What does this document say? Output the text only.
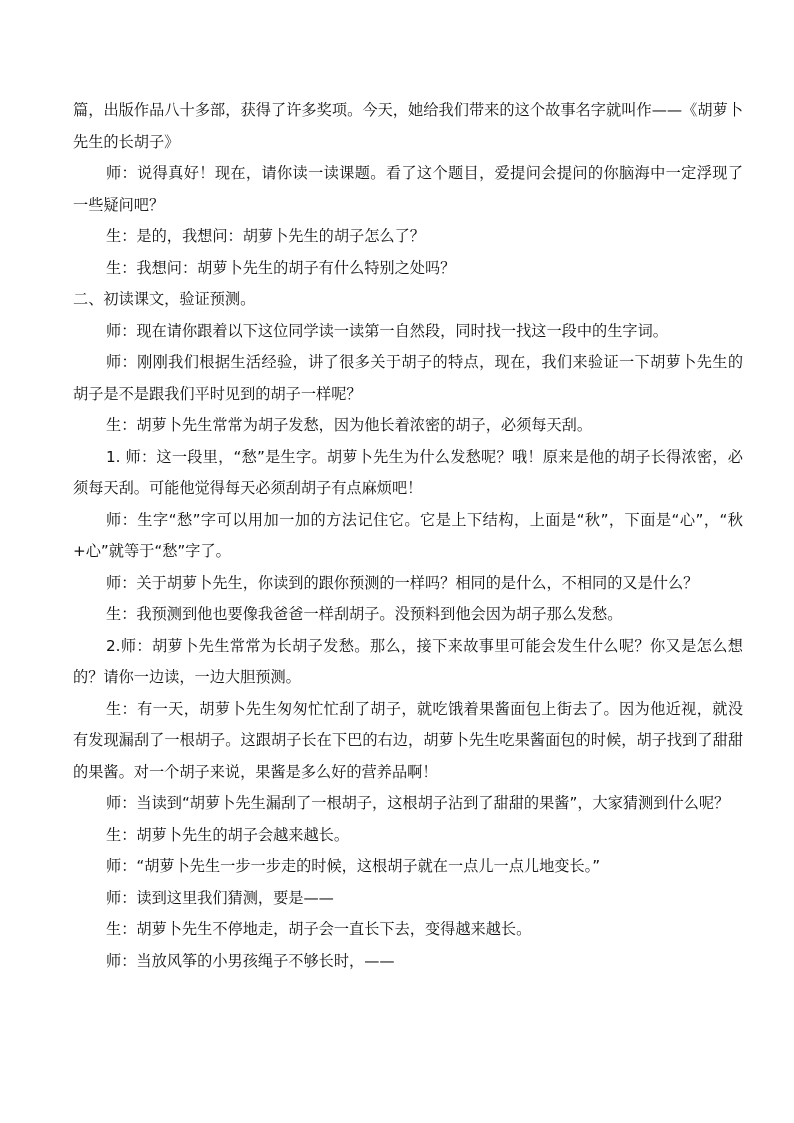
篇，出版作品八十多部，获得了许多奖项。今天，她给我们带来的这个故事名字就叫作——《胡萝卜先生的长胡子》

师：说得真好！现在，请你读一读课题。看了这个题目，爱提问会提问的你脑海中一定浮现了一些疑问吧？

生：是的，我想问：胡萝卜先生的胡子怎么了？

生：我想问：胡萝卜先生的胡子有什么特别之处吗？

二、初读课文，验证预测。

师：现在请你跟着以下这位同学读一读第一自然段，同时找一找这一段中的生字词。

师：刚刚我们根据生活经验，讲了很多关于胡子的特点，现在，我们来验证一下胡萝卜先生的胡子是不是跟我们平时见到的胡子一样呢？

生：胡萝卜先生常常为胡子发愁，因为他长着浓密的胡子，必须每天刮。

1. 师：这一段里，“愁”是生字。胡萝卜先生为什么发愁呢？哦！原来是他的胡子长得浓密，必须每天刮。可能他觉得每天必须刮胡子有点麻烦吧！

师：生字“愁”字可以用加一加的方法记住它。它是上下结构，上面是“秋”，下面是“心”，“秋+心”就等于“愁”字了。

师：关于胡萝卜先生，你读到的跟你预测的一样吗？相同的是什么，不相同的又是什么？

生：我预测到他也要像我爸爸一样刮胡子。没预料到他会因为胡子那么发愁。

2.师：胡萝卜先生常常为长胡子发愁。那么，接下来故事里可能会发生什么呢？你又是怎么想的？请你一边读，一边大胆预测。

生：有一天，胡萝卜先生匆匆忙忙刮了胡子，就吃饿着果酱面包上街去了。因为他近视，就没有发现漏刮了一根胡子。这跟胡子长在下巴的右边，胡萝卜先生吃果酱面包的时候，胡子找到了甜甜的果酱。对一个胡子来说，果酱是多么好的营养品啊！

师：当读到“胡萝卜先生漏刮了一根胡子，这根胡子沾到了甜甜的果酱”，大家猜测到什么呢？

生：胡萝卜先生的胡子会越来越长。

师：“胡萝卜先生一步一步走的时候，这根胡子就在一点儿一点儿地变长。”

师：读到这里我们猜测，要是——

生：胡萝卜先生不停地走，胡子会一直长下去，变得越来越长。

师：当放风筝的小男孩绳子不够长时，——
